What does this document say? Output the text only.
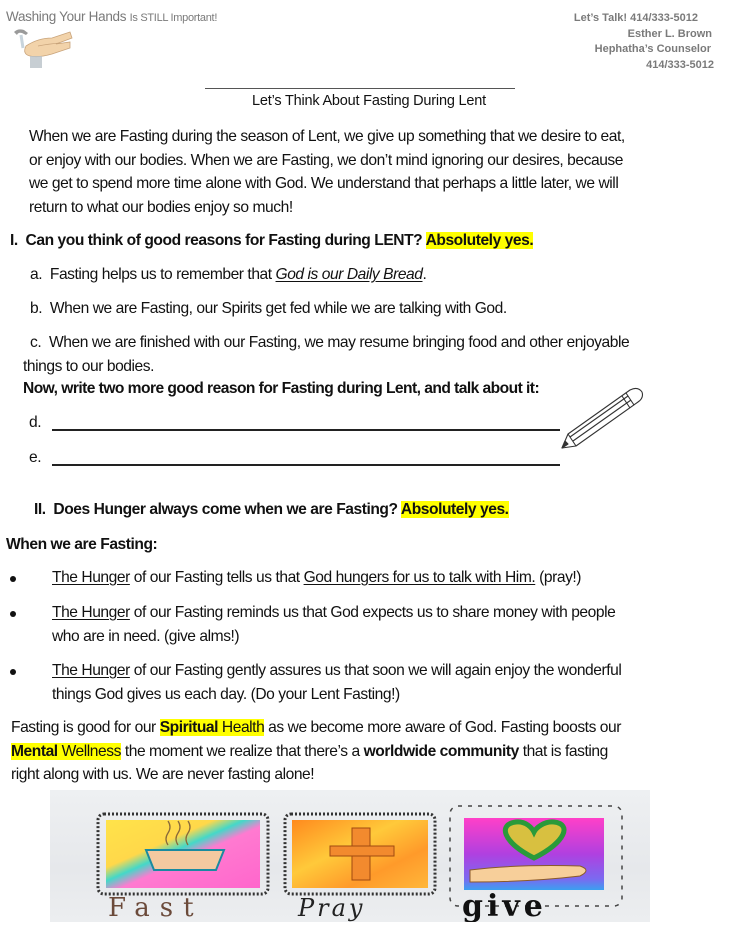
Washing Your Hands Is STILL Important!	Let’s Talk! 414/333-5012
Esther L. Brown
Hephatha’s Counselor
414/333-5012
Let’s Think About Fasting During Lent
When we are Fasting during the season of Lent, we give up something that we desire to eat,
or enjoy with our bodies. When we are Fasting, we don’t mind ignoring our desires, because
we get to spend more time alone with God. We understand that perhaps a little later, we will
return to what our bodies enjoy so much!
I. Can you think of good reasons for Fasting during LENT? Absolutely yes.
a. Fasting helps us to remember that God is our Daily Bread.
b. When we are Fasting, our Spirits get fed while we are talking with God.
c. When we are finished with our Fasting, we may resume bringing food and other enjoyable
things to our bodies.
Now, write two more good reason for Fasting during Lent, and talk about it:
d.
e.
II. Does Hunger always come when we are Fasting? Absolutely yes.
When we are Fasting:
The Hunger of our Fasting tells us that God hungers for us to talk with Him. (pray!)
The Hunger of our Fasting reminds us that God expects us to share money with people
who are in need. (give alms!)
The Hunger of our Fasting gently assures us that soon we will again enjoy the wonderful
things God gives us each day. (Do your Lent Fasting!)
Fasting is good for our Spiritual Health as we become more aware of God. Fasting boosts our
Mental Wellness the moment we realize that there’s a worldwide community that is fasting
right along with us. We are never fasting alone!
Fast	Pray	give
